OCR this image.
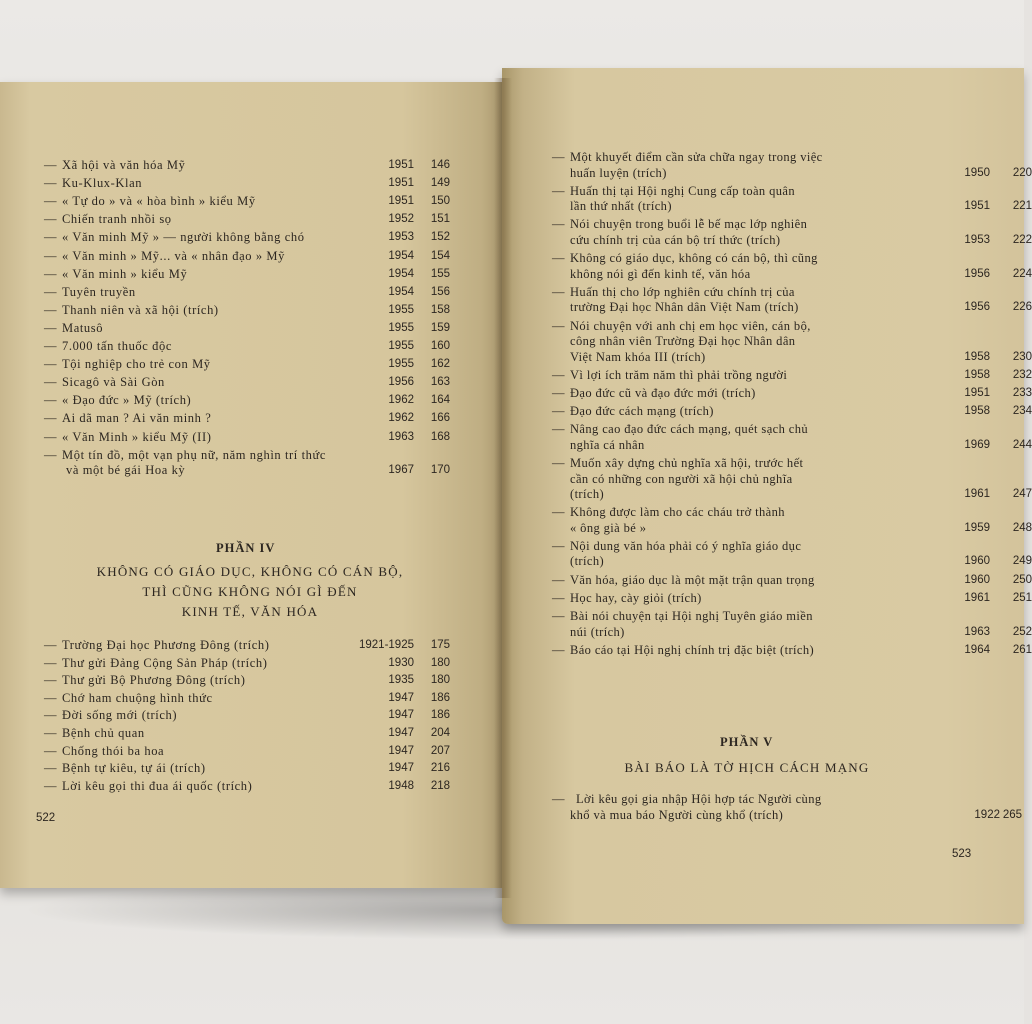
— Xã hội và văn hóa Mỹ	1951	146
— Ku-Klux-Klan	1951	149
— « Tự do » và « hòa bình » kiểu Mỹ	1951	150
— Chiến tranh nhồi sọ	1952	151
— « Văn minh Mỹ » — người không bằng chó	1953	152
— « Văn minh » Mỹ... và « nhân đạo » Mỹ	1954	154
— « Văn minh » kiểu Mỹ	1954	155
— Tuyên truyền	1954	156
— Thanh niên và xã hội (trích)	1955	158
— Matusô	1955	159
— 7.000 tấn thuốc độc	1955	160
— Tội nghiệp cho trẻ con Mỹ	1955	162
— Sicagô và Sài Gòn	1956	163
— « Đạo đức » Mỹ (trích)	1962	164
— Ai dã man ? Ai văn minh ?	1962	166
— « Văn Minh » kiểu Mỹ (II)	1963	168
— Một tín đồ, một vạn phụ nữ, năm nghìn trí thức
và một bé gái Hoa kỳ	1967	170
PHẦN IV
KHÔNG CÓ GIÁO DỤC, KHÔNG CÓ CÁN BỘ,
THÌ CŨNG KHÔNG NÓI GÌ ĐẾN
KINH TẾ, VĂN HÓA
— Trường Đại học Phương Đông (trích)	1921-1925	175
— Thư gửi Đảng Cộng Sản Pháp (trích)	1930	180
— Thư gửi Bộ Phương Đông (trích)	1935	180
— Chớ ham chuộng hình thức	1947	186
— Đời sống mới (trích)	1947	186
— Bệnh chủ quan	1947	204
— Chống thói ba hoa	1947	207
— Bệnh tự kiêu, tự ái (trích)	1947	216
— Lời kêu gọi thi đua ái quốc (trích)	1948	218
522
— Một khuyết điểm cần sửa chữa ngay trong việc
huấn luyện (trích)	1950	220
— Huấn thị tại Hội nghị Cung cấp toàn quân
lần thứ nhất (trích)	1951	221
— Nói chuyện trong buổi lễ bế mạc lớp nghiên
cứu chính trị của cán bộ trí thức (trích)	1953	222
— Không có giáo dục, không có cán bộ, thì cũng
không nói gì đến kinh tế, văn hóa	1956	224
— Huấn thị cho lớp nghiên cứu chính trị của
trường Đại học Nhân dân Việt Nam (trích)	1956	226
— Nói chuyện với anh chị em học viên, cán bộ,
công nhân viên Trường Đại học Nhân dân
Việt Nam khóa III (trích)	1958	230
— Vì lợi ích trăm năm thì phải trồng người	1958	232
— Đạo đức cũ và đạo đức mới (trích)	1951	233
— Đạo đức cách mạng (trích)	1958	234
— Nâng cao đạo đức cách mạng, quét sạch chủ
nghĩa cá nhân	1969	244
— Muốn xây dựng chủ nghĩa xã hội, trước hết
cần có những con người xã hội chủ nghĩa
(trích)	1961	247
— Không được làm cho các cháu trở thành
« ông già bé »	1959	248
— Nội dung văn hóa phải có ý nghĩa giáo dục
(trích)	1960	249
— Văn hóa, giáo dục là một mặt trận quan trọng	1960	250
— Học hay, cày giỏi (trích)	1961	251
— Bài nói chuyện tại Hội nghị Tuyên giáo miền
núi (trích)	1963	252
— Báo cáo tại Hội nghị chính trị đặc biệt (trích)	1964	261
PHẦN V
BÀI BÁO LÀ TỜ HỊCH CÁCH MẠNG
— Lời kêu gọi gia nhập Hội hợp tác Người cùng
khổ và mua báo Người cùng khổ (trích)	1922 265
523
